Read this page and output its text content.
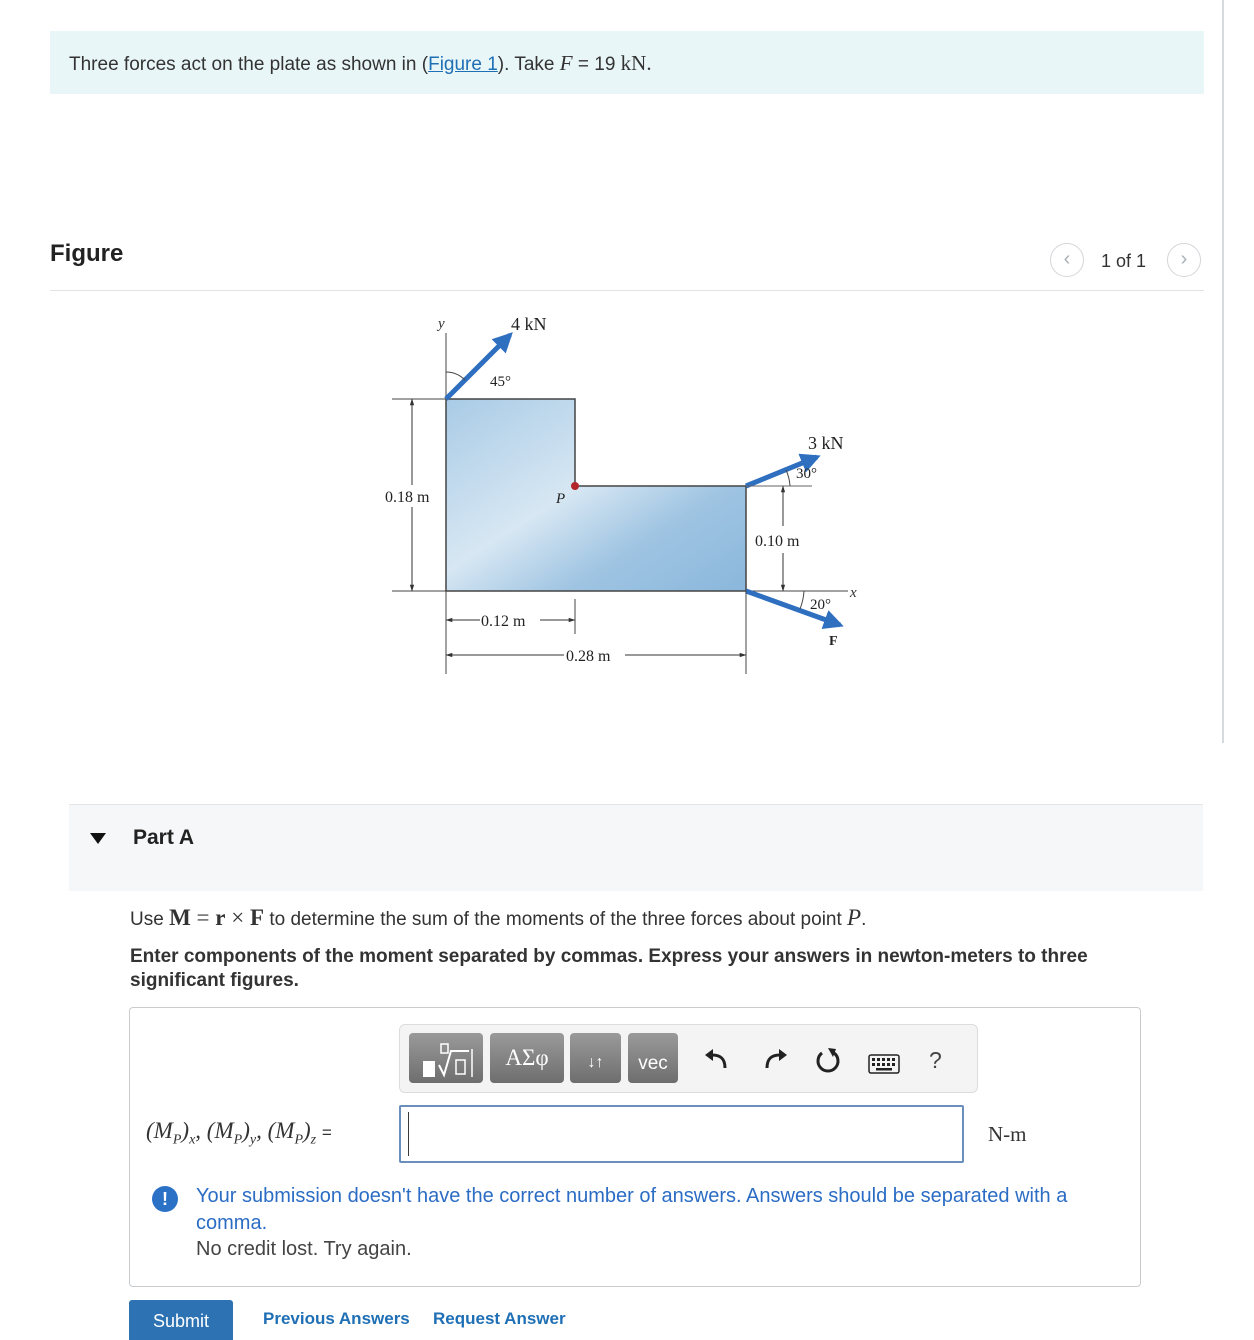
Three forces act on the plate as shown in (Figure 1). Take F = 19 kN.
Figure	‹	1 of 1	›
y	4 kN
45°
P
3 kN
30°
x
20°
F
0.18 m
0.10 m
0.12 m
0.28 m
Part A
Use M = r × F to determine the sum of the moments of the three forces about point P.
Enter components of the moment separated by commas. Express your answers in newton-meters to three significant figures.
ΑΣφ	↓↑	vec	?
$(M_P)_x$, $(M_P)_y$, $(M_P)_z$ =	N-m
!	Your submission doesn't have the correct number of answers. Answers should be separated with a comma.
No credit lost. Try again.
Submit	Previous Answers Request Answer
